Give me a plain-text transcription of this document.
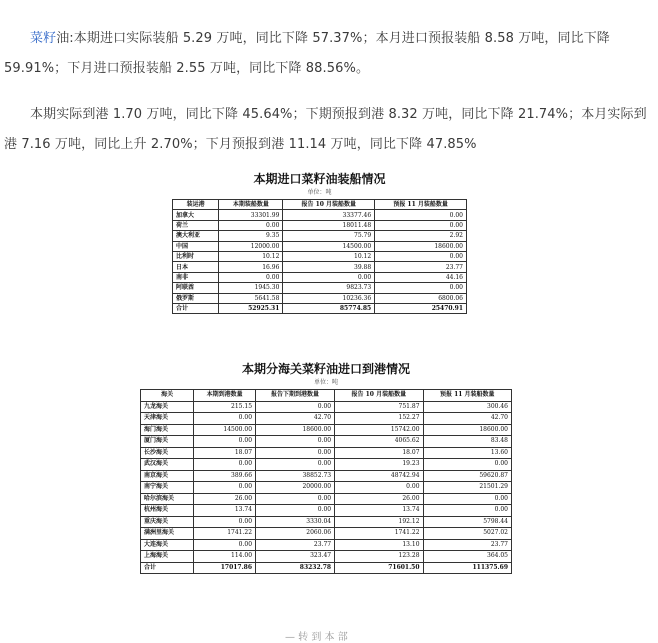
菜籽油:本期进口实际装船 5.29 万吨，同比下降 57.37%；本月进口预报装船 8.58 万吨，同比下降 59.91%；下月进口预报装船 2.55 万吨，同比下降 88.56%。

本期实际到港 1.70 万吨，同比下降 45.64%；下期预报到港 8.32 万吨，同比下降 21.74%；本月实际到港 7.16 万吨，同比上升 2.70%；下月预报到港 11.14 万吨，同比下降 47.85%

本期进口菜籽油装船情况
单位：吨
装运港	本期装船数量	报告 10 月装船数量	预报 11 月装船数量
加拿大	33301.99	33377.46	0.00
荷兰	0.00	18011.48	0.00
澳大利亚	9.35	75.79	2.92
中国	12000.00	14500.00	18600.00
比利时	10.12	10.12	0.00
日本	16.96	39.88	23.77
南非	0.00	0.00	44.16
阿联酋	1945.30	9823.73	0.00
俄罗斯	5641.58	10236.36	6800.06
合计	52925.31	85774.85	25470.91
本期分海关菜籽油进口到港情况
单位：吨
海关	本期到港数量	报告下期到港数量	报告 10 月装船数量	预报 11 月装船数量
九龙海关	215.15	0.00	751.87	300.46
天津海关	0.00	42.70	152.27	42.70
海门海关	14500.00	18600.00	15742.00	18600.00
厦门海关	0.00	0.00	4065.62	83.48
长沙海关	18.07	0.00	18.07	13.60
武汉海关	0.00	0.00	19.23	0.00
南京海关	389.66	38852.73	48742.94	59620.87
南宁海关	0.00	20000.00	0.00	21501.29
哈尔滨海关	26.00	0.00	26.00	0.00
杭州海关	13.74	0.00	13.74	0.00
重庆海关	0.00	3330.04	192.12	5798.44
满洲里海关	1741.22	2060.06	1741.22	5027.02
大连海关	0.00	23.77	13.10	23.77
上海海关	114.00	323.47	123.28	364.05
合计	17017.86	83232.78	71601.50	111375.69
— 转 到 本 部
